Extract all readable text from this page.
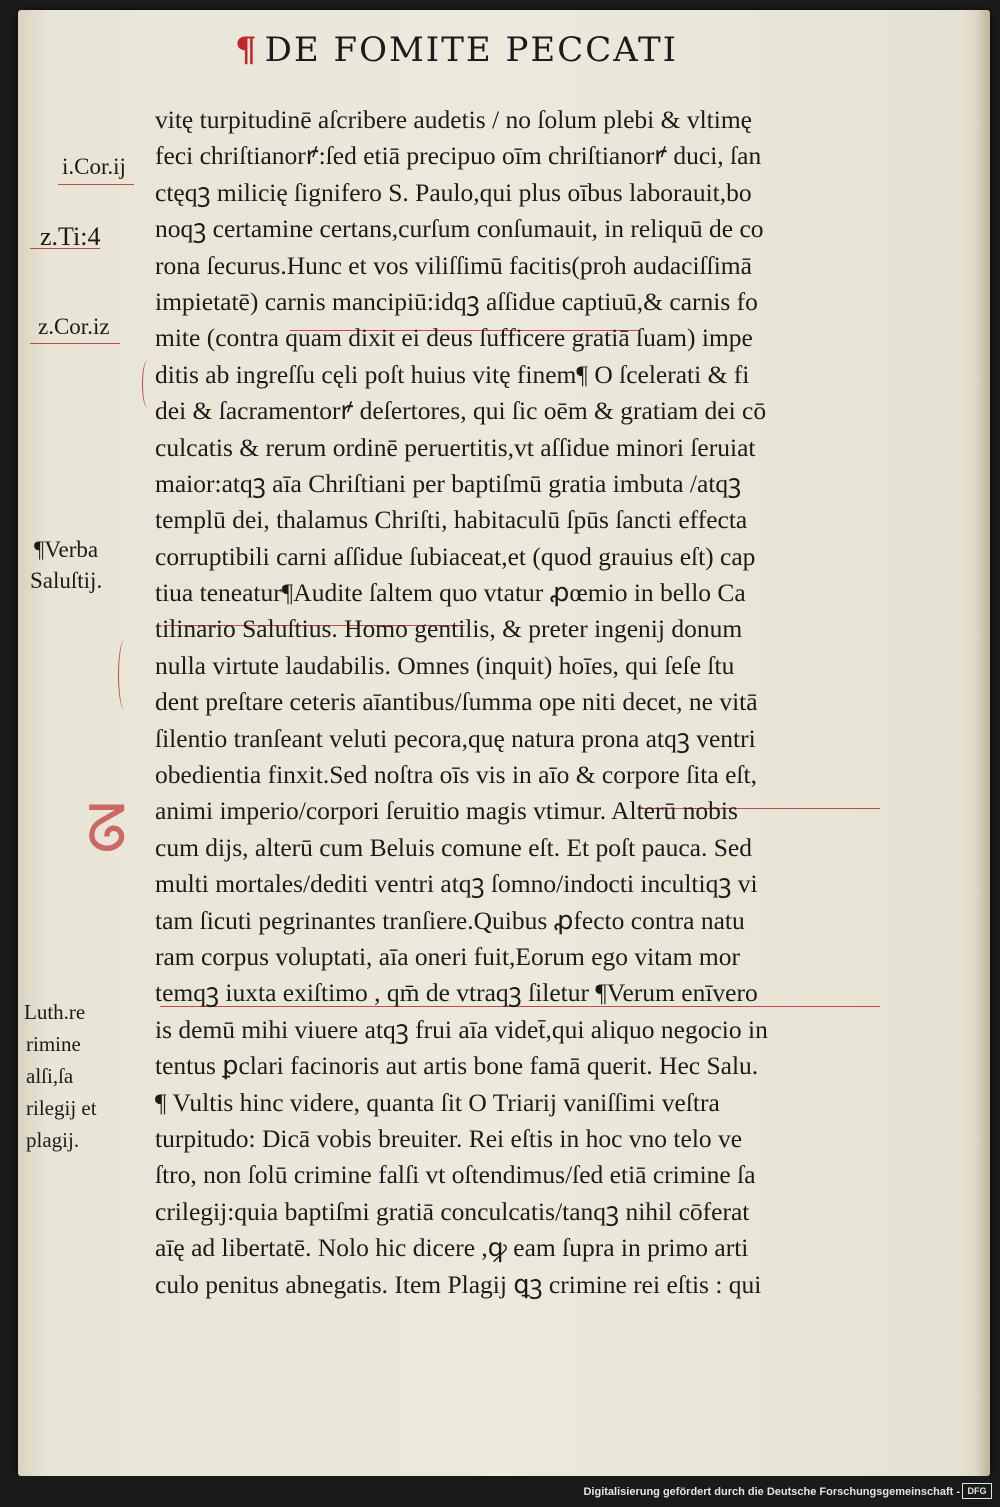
¶ DE FOMITE PECCATI
i.Cor.ij
z.Ti:4
z.Cor.iz
¶Verba
Saluſtij.
Luth.re
rimine
alſi,ſa
rilegij et
plagij.
ᘔ
vitę turpitudinē aſcribere audetis / no ſolum plebi & vltimę
feci chriſtianorꝵ:ſed etiā precipuo oīm chriſtianorꝵ duci, ſan
ctęqꝫ milicię ſignifero S. Paulo,qui plus oībus laborauit,bo
noqꝫ certamine certans,curſum conſumauit, in reliquū de co
rona ſecurus.Hunc et vos viliſſimū facitis(proh audaciſſimā
impietatē) carnis mancipiū:idqꝫ aſſidue captiuū,& carnis fo
mite (contra quam dixit ei deus ſufficere gratiā ſuam) impe
ditis ab ingreſſu cęli poſt huius vitę finem¶ O ſcelerati & fi
dei & ſacramentorꝵ deſertores, qui ſic oēm & gratiam dei cō
culcatis & rerum ordinē peruertitis,vt aſſidue minori ſeruiat
maior:atqꝫ aīa Chriſtiani per baptiſmū gratia imbuta /atqꝫ
templū dei, thalamus Chriſti, habitaculū ſpūs ſancti effecta
corruptibili carni aſſidue ſubiaceat,et (quod grauius eſt) cap
tiua teneatur¶Audite ſaltem quo vtatur ꝓœmio in bello Ca
tilinario Saluſtius. Homo gentilis, & preter ingenij donum
nulla virtute laudabilis. Omnes (inquit) hoīes, qui ſeſe ſtu
dent preſtare ceteris aīantibus/ſumma ope niti decet, ne vitā
ſilentio tranſeant veluti pecora,quę natura prona atqꝫ ventri
obedientia finxit.Sed noſtra oīs vis in aīo & corpore ſita eſt,
animi imperio/corpori ſeruitio magis vtimur. Alterū nobis
cum dijs, alterū cum Beluis comune eſt. Et poſt pauca. Sed
multi mortales/dediti ventri atqꝫ ſomno/indocti incultiqꝫ vi
tam ſicuti pegrinantes tranſiere.Quibus ꝓfecto contra natu
ram corpus voluptati, aīa oneri fuit,Eorum ego vitam mor
temqꝫ iuxta exiſtimo , qm̄ de vtraqꝫ ſiletur ¶Verum enīvero
is demū mihi viuere atqꝫ frui aīa videt̄,qui aliquo negocio in
tentus ꝑclari facinoris aut artis bone famā querit. Hec Salu.
¶ Vultis hinc videre, quanta ſit O Triarij vaniſſimi veſtra
turpitudo: Dicā vobis breuiter. Rei eſtis in hoc vno telo ve
ſtro, non ſolū crimine falſi vt oſtendimus/ſed etiā crimine ſa
crilegij:quia baptiſmi gratiā conculcatis/tanqꝫ nihil cōferat
aīę ad libertatē. Nolo hic dicere ,ꝙ eam ſupra in primo arti
culo penitus abnegatis. Item Plagij ꝗꝫ crimine rei eſtis : qui
Digitalisierung gefördert durch die Deutsche Forschungsgemeinschaft - DFG
